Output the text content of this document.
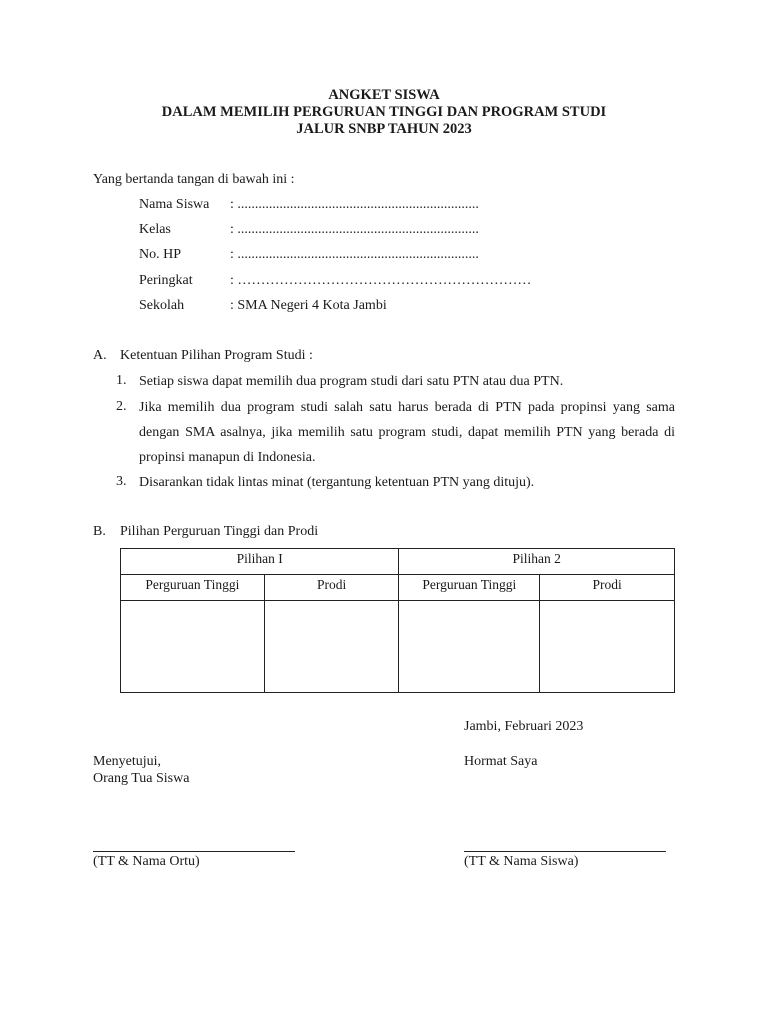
ANGKET SISWA
DALAM MEMILIH PERGURUAN TINGGI DAN PROGRAM STUDI
JALUR SNBP TAHUN 2023
Yang bertanda tangan di bawah ini :
Nama Siswa : .....................................................................
Kelas	: .....................................................................
No. HP	: .....................................................................
Peringkat	: ………………………………………………………
Sekolah	: SMA Negeri 4 Kota Jambi
A. Ketentuan Pilihan Program Studi :
1. Setiap siswa dapat memilih dua program studi dari satu PTN atau dua PTN.
2. Jika memilih dua program studi salah satu harus berada di PTN pada propinsi yang sama dengan SMA asalnya, jika memilih satu program studi, dapat memilih PTN yang berada di propinsi manapun di Indonesia.
3. Disarankan tidak lintas minat (tergantung ketentuan PTN yang dituju).
B. Pilihan Perguruan Tinggi dan Prodi
Pilihan I		Pilihan 2	
Perguruan Tinggi	Prodi	Perguruan Tinggi	Prodi

Jambi, Februari 2023
Menyetujui,
Orang Tua Siswa
Hormat Saya
(TT & Nama Ortu)	(TT & Nama Siswa)
